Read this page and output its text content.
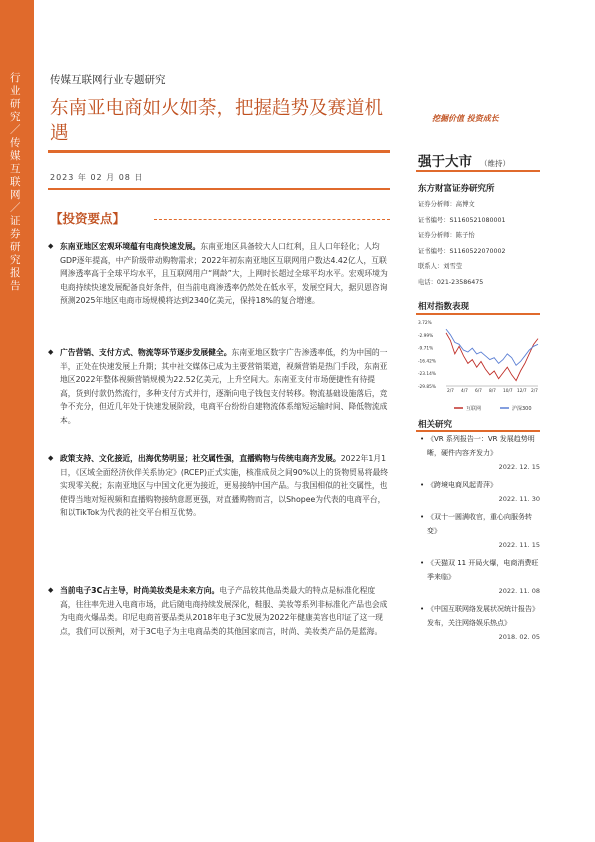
行业研究／传媒互联网／证券研究报告
传媒互联网行业专题研究
东南亚电商如火如荼，把握趋势及赛道机遇
2023 年 02 月 08 日
挖掘价值 投资成长
强于大市 （维持）
东方财富证券研究所
证券分析师：高博文
证书编号：S1160521080001
证券分析师：陈子怡
证书编号：S1160522070002
联系人：刘雪莹
电话：021-23586475
相对指数表现
3.72%
-2.99%
-9.71%
-16.42%
-23.14%
-29.85%
2/7 4/7 6/7 8/7 10/7 12/7 2/7
互联网	沪深300
相关研究
• 《VR 系列报告一：VR 发展趋势明晰，硬件内容齐发力》
2022. 12. 15
• 《跨境电商风起青萍》
2022. 11. 30
• 《双十一圆满收官，重心向服务转变》
2022. 11. 15
• 《天猫双 11 开局火爆，电商消费旺季来临》
2022. 11. 08
• 《中国互联网络发展状况统计报告》发布，关注网络娱乐热点》
2018. 02. 05
【投资要点】
◆ 东南亚地区宏观环境蕴有电商快速发展。东南亚地区具备较大人口红利，且人口年轻化；人均GDP逐年提高，中产阶级带动购物需求；2022年初东南亚地区互联网用户数达4.42亿人，互联网渗透率高于全球平均水平，且互联网用户“网龄”大，上网时长超过全球平均水平。宏观环境为电商持续快速发展配备良好条件，但当前电商渗透率仍然处在低水平，发展空间大，据贝恩咨询预测2025年地区电商市场规模将达到2340亿美元，保持18%的复合增速。
◆ 广告营销、支付方式、物流等环节逐步发展健全。东南亚地区数字广告渗透率低，约为中国的一半，正处在快速发展上升期；其中社交媒体已成为主要营销渠道，视频营销是热门手段，东南亚地区2022年整体视频营销规模为22.52亿美元，上升空间大。东南亚支付市场便捷性有待提高，货到付款仍然流行，多种支付方式并行，逐渐向电子钱包支付转移。物流基础设施落后，竞争不充分，但近几年处于快速发展阶段，电商平台纷纷自建物流体系缩短运输时间、降低物流成本。
◆ 政策支持、文化接近，出海优势明显；社交属性强，直播购物与传统电商齐发展。2022年1月1日，《区域全面经济伙伴关系协定》(RCEP)正式实施，核准成员之间90%以上的货物贸易将最终实现零关税；东南亚地区与中国文化更为接近，更易接纳中国产品。与我国相似的社交属性，也使得当地对短视频和直播购物接纳意愿更强，对直播购物而言，以Shopee为代表的电商平台，和以TikTok为代表的社交平台相互优势。
◆ 当前电子3C占主导，时尚美妆类是未来方向。电子产品较其他品类最大的特点是标准化程度高，往往率先进入电商市场，此后随电商持续发展深化，鞋服、美妆等系列非标准化产品也会成为电商火爆品类。印尼电商首要品类从2018年电子3C发展为2022年健康美容也印证了这一现点，我们可以预判，对于3C电子为主电商品类的其他国家而言，时尚、美妆类产品仍是蓝海。
